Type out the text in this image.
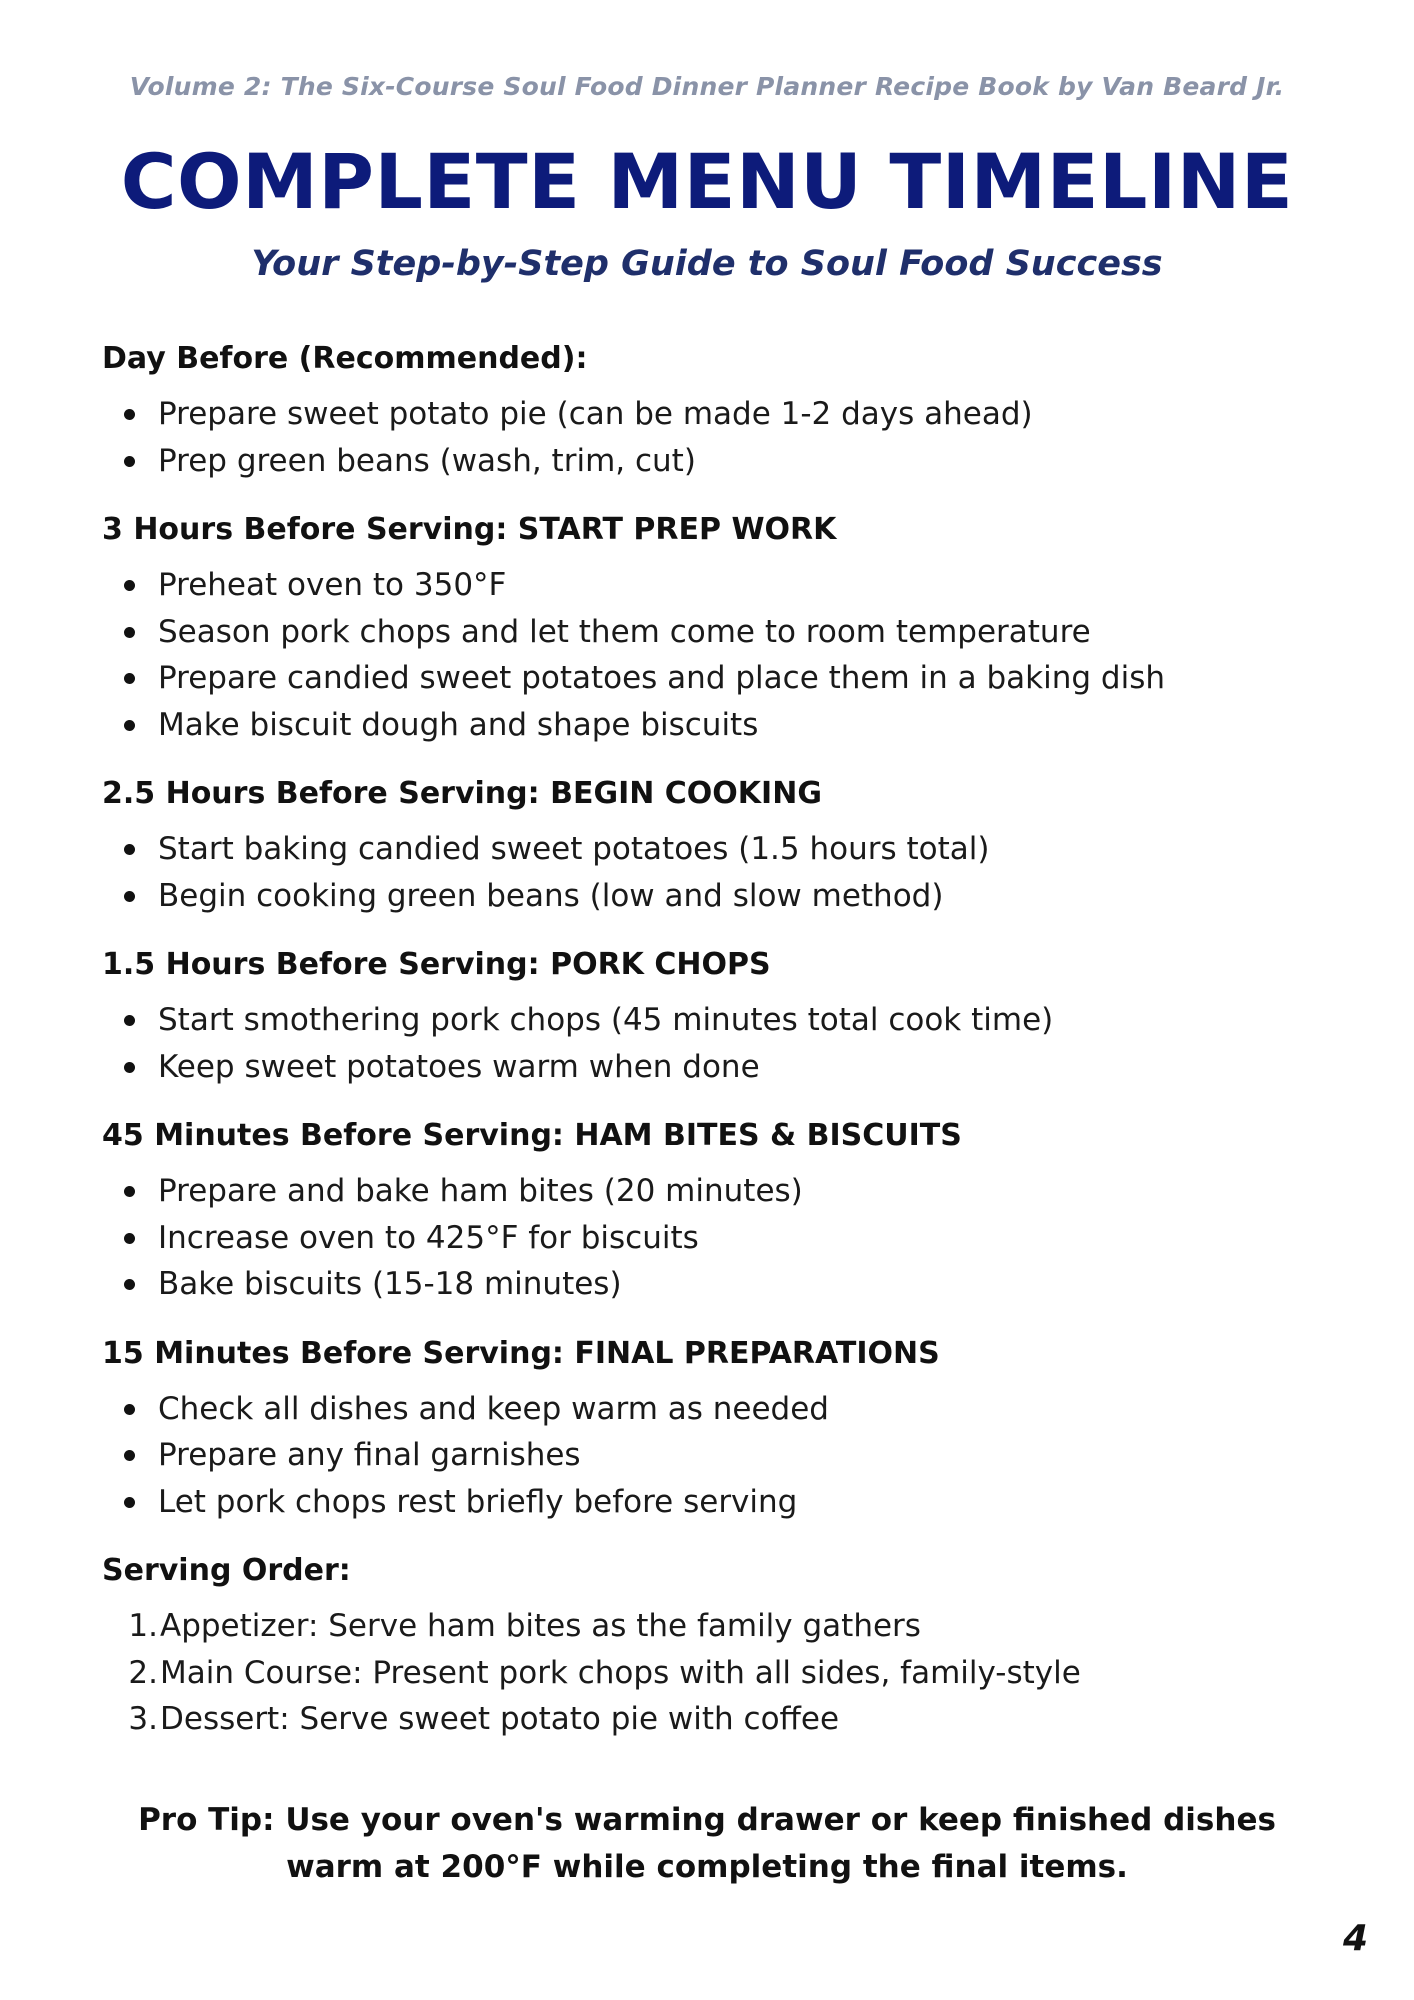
Volume 2: The Six-Course Soul Food Dinner Planner Recipe Book by Van Beard Jr.
COMPLETE MENU TIMELINE
Your Step-by-Step Guide to Soul Food Success
Day Before (Recommended):
Prepare sweet potato pie (can be made 1-2 days ahead)
Prep green beans (wash, trim, cut)
3 Hours Before Serving: START PREP WORK
Preheat oven to 350°F
Season pork chops and let them come to room temperature
Prepare candied sweet potatoes and place them in a baking dish
Make biscuit dough and shape biscuits
2.5 Hours Before Serving: BEGIN COOKING
Start baking candied sweet potatoes (1.5 hours total)
Begin cooking green beans (low and slow method)
1.5 Hours Before Serving: PORK CHOPS
Start smothering pork chops (45 minutes total cook time)
Keep sweet potatoes warm when done
45 Minutes Before Serving: HAM BITES & BISCUITS
Prepare and bake ham bites (20 minutes)
Increase oven to 425°F for biscuits
Bake biscuits (15-18 minutes)
15 Minutes Before Serving: FINAL PREPARATIONS
Check all dishes and keep warm as needed
Prepare any final garnishes
Let pork chops rest briefly before serving
Serving Order:
1. Appetizer: Serve ham bites as the family gathers
2. Main Course: Present pork chops with all sides, family-style
3. Dessert: Serve sweet potato pie with coffee
Pro Tip: Use your oven's warming drawer or keep finished dishes
warm at 200°F while completing the final items.
4
